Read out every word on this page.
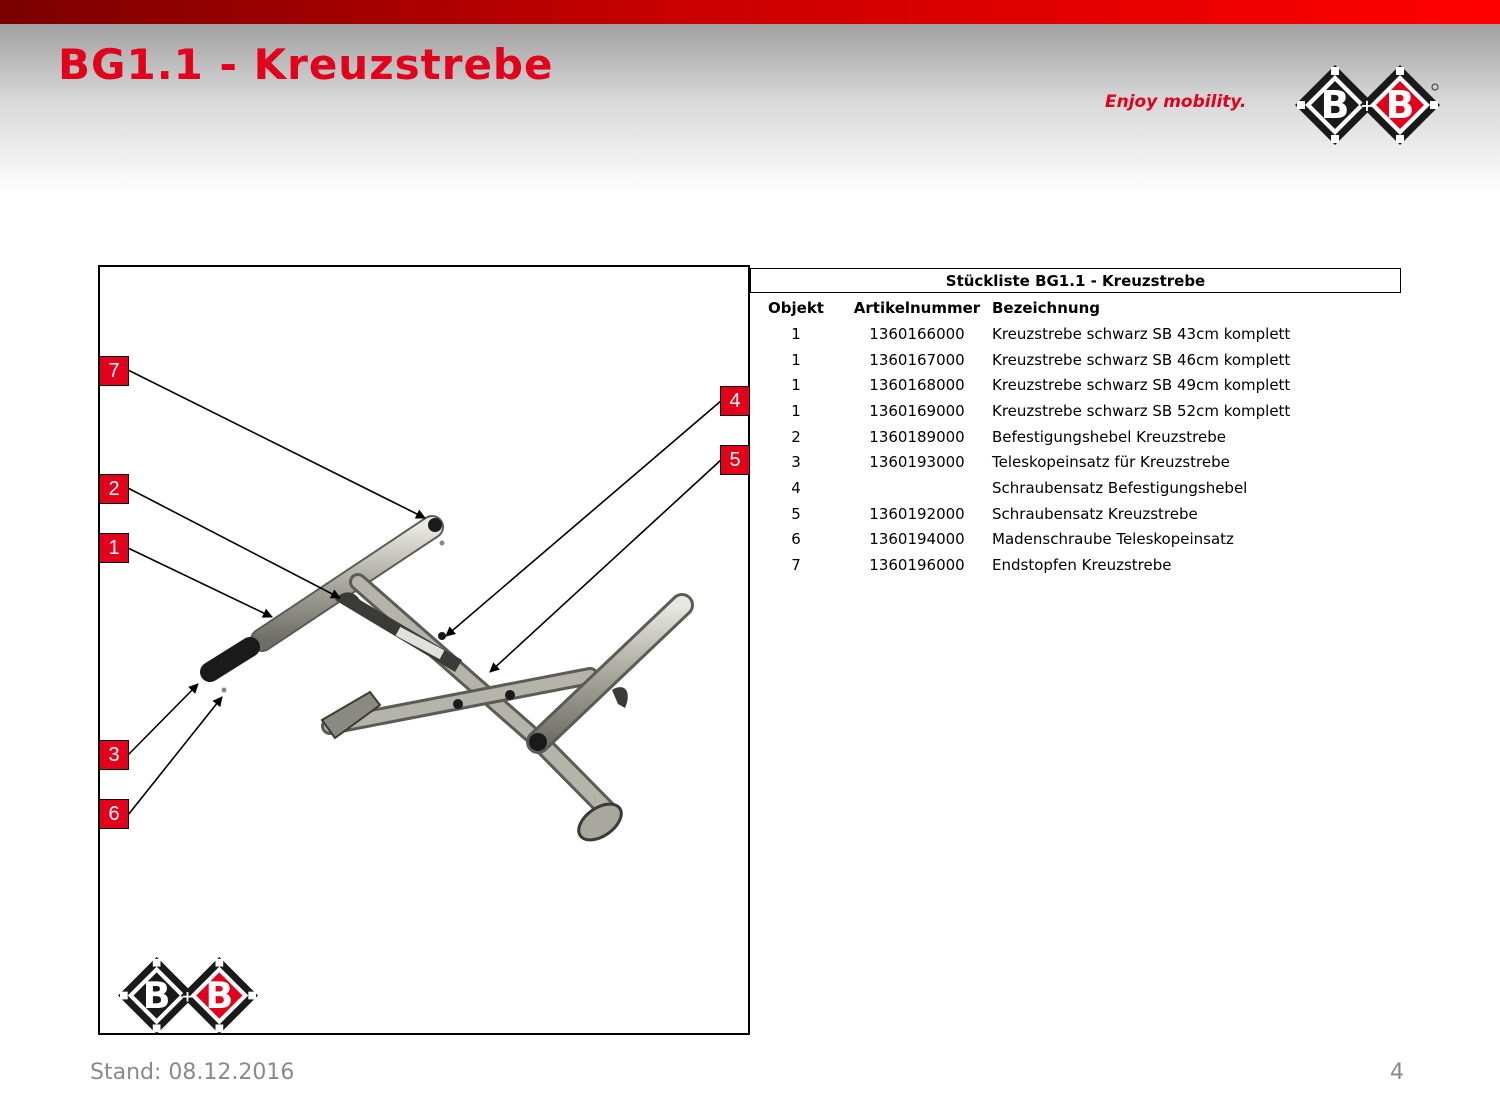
BG1.1 - Kreuzstrebe
Enjoy mobility. B B
+
7
2
1
3
6
4
5
B B
+
Stückliste BG1.1 - Kreuzstrebe
Objekt	Artikelnummer	Bezeichnung
1	1360166000	Kreuzstrebe schwarz SB 43cm komplett
1	1360167000	Kreuzstrebe schwarz SB 46cm komplett
1	1360168000	Kreuzstrebe schwarz SB 49cm komplett
1	1360169000	Kreuzstrebe schwarz SB 52cm komplett
2	1360189000	Befestigungshebel Kreuzstrebe
3	1360193000	Teleskopeinsatz für Kreuzstrebe
4		Schraubensatz Befestigungshebel
5	1360192000	Schraubensatz Kreuzstrebe
6	1360194000	Madenschraube Teleskopeinsatz
7	1360196000	Endstopfen Kreuzstrebe
Stand: 08.12.2016	4
